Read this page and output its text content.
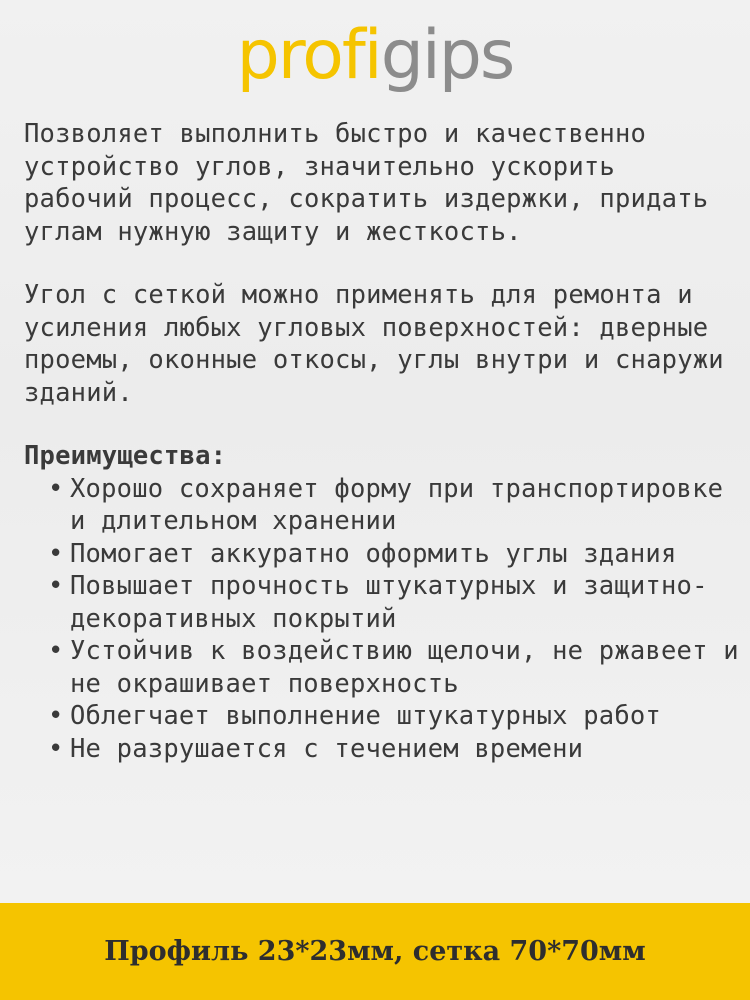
profigips

Позволяет выполнить быстро и качественно устройство углов, значительно ускорить рабочий процесс, сократить издержки, придать углам нужную защиту и жесткость.

Угол с сеткой можно применять для ремонта и усиления любых угловых поверхностей: дверные проемы, оконные откосы, углы внутри и снаружи зданий.

Преимущества:
• Хорошо сохраняет форму при транспортировке и длительном хранении
• Помогает аккуратно оформить углы здания
• Повышает прочность штукатурных и защитно-декоративных покрытий
• Устойчив к воздействию щелочи, не ржавеет и не окрашивает поверхность
• Облегчает выполнение штукатурных работ
• Не разрушается с течением времени
Профиль 23*23мм, сетка 70*70мм
